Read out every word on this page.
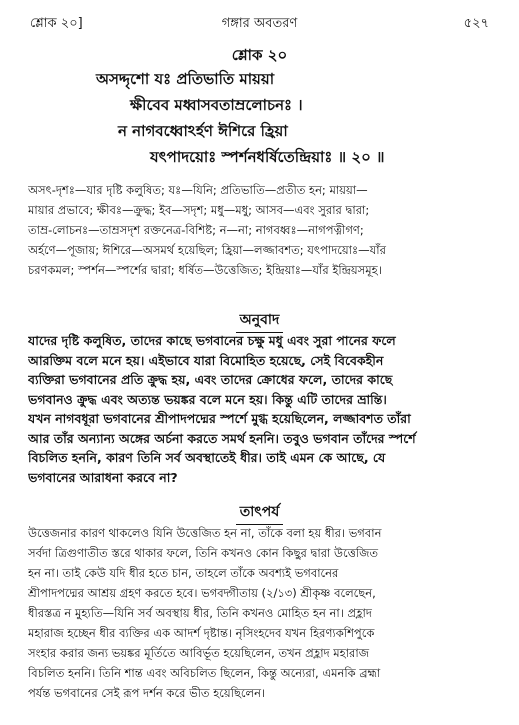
শ্লোক ২০]	গঙ্গার অবতরণ	৫২৭
শ্লোক ২০
অসদ্দৃশো যঃ প্রতিভাতি মায়য়া
ক্ষীবেব মধ্বাসবতাম্রলোচনঃ ।
ন নাগবধ্বোঽর্হণ ঈশিরে হ্রিয়া
যৎপাদয়োঃ স্পর্শনধর্ষিতেন্দ্রিয়াঃ ॥ ২০ ॥

অসৎ-দৃশঃ—যার দৃষ্টি কলুষিত; যঃ—যিনি; প্রতিভাতি—প্রতীত হন; মায়য়া—

মায়ার প্রভাবে; ক্ষীবঃ—ক্রুদ্ধ; ইব—সদৃশ; মধু—মধু; আসব—এবং সুরার দ্বারা;

তাম্র-লোচনঃ—তাম্রসদৃশ রক্তনেত্র-বিশিষ্ট; ন—না; নাগবধ্বঃ—নাগপত্নীগণ;

অর্হণে—পূজায়; ঈশিরে—অসমর্থ হয়েছিল; হ্রিয়া—লজ্জাবশত; যৎপাদয়োঃ—যাঁর

চরণকমল; স্পর্শন—স্পর্শের দ্বারা; ধর্ষিত—উত্তেজিত; ইন্দ্রিয়াঃ—যাঁর ইন্দ্রিয়সমূহ।

অনুবাদ

যাদের দৃষ্টি কলুষিত, তাদের কাছে ভগবানের চক্ষু মধু এবং সুরা পানের ফলে

আরক্তিম বলে মনে হয়। এইভাবে যারা বিমোহিত হয়েছে, সেই বিবেকহীন

ব্যক্তিরা ভগবানের প্রতি ক্রুদ্ধ হয়, এবং তাদের ক্রোধের ফলে, তাদের কাছে

ভগবানও ক্রুদ্ধ এবং অত্যন্ত ভয়ঙ্কর বলে মনে হয়। কিন্তু এটি তাদের ভ্রান্তি।

যখন নাগবধূরা ভগবানের শ্রীপাদপদ্মের স্পর্শে মুগ্ধ হয়েছিলেন, লজ্জাবশত তাঁরা

আর তাঁর অন্যান্য অঙ্গের অর্চনা করতে সমর্থ হননি। তবুও ভগবান তাঁদের স্পর্শে

বিচলিত হননি, কারণ তিনি সর্ব অবস্থাতেই ধীর। তাই এমন কে আছে, যে

ভগবানের আরাধনা করবে না?

তাৎপর্য

উত্তেজনার কারণ থাকলেও যিনি উত্তেজিত হন না, তাঁকে বলা হয় ধীর। ভগবান

সর্বদা ত্রিগুণাতীত স্তরে থাকার ফলে, তিনি কখনও কোন কিছুর দ্বারা উত্তেজিত

হন না। তাই কেউ যদি ধীর হতে চান, তাহলে তাঁকে অবশ্যই ভগবানের

শ্রীপাদপদ্মের আশ্রয় গ্রহণ করতে হবে। ভগবদ্গীতায় (২/১৩) শ্রীকৃষ্ণ বলেছেন,

ধীরস্তত্র ন মুহ্যতি—যিনি সর্ব অবস্থায় ধীর, তিনি কখনও মোহিত হন না। প্রহ্লাদ

মহারাজ হচ্ছেন ধীর ব্যক্তির এক আদর্শ দৃষ্টান্ত। নৃসিংহদেব যখন হিরণ্যকশিপুকে

সংহার করার জন্য ভয়ঙ্কর মূর্তিতে আবির্ভূত হয়েছিলেন, তখন প্রহ্লাদ মহারাজ

বিচলিত হননি। তিনি শান্ত এবং অবিচলিত ছিলেন, কিন্তু অন্যেরা, এমনকি ব্রহ্মা

পর্যন্ত ভগবানের সেই রূপ দর্শন করে ভীত হয়েছিলেন।
